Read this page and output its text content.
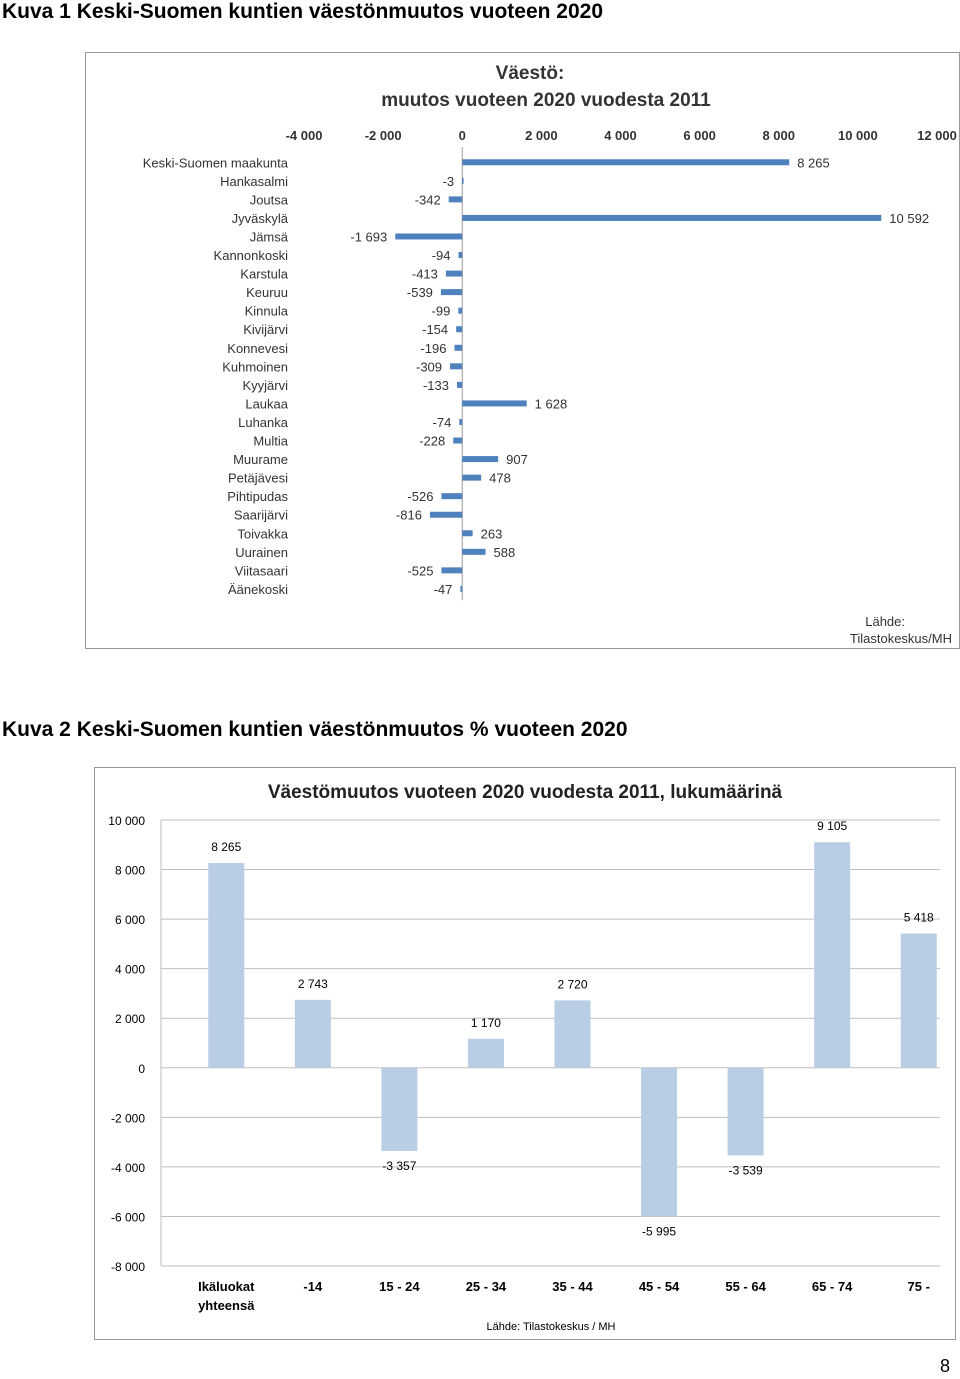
Kuva 1 Keski-Suomen kuntien väestönmuutos vuoteen 2020
Väestö:
muutos vuoteen 2020 vuodesta 2011
-4 000	-2 000	0	2 000	4 000	6 000	8 000	10 000	12 000
Keski-Suomen maakunta	8 265
Hankasalmi	-3
Joutsa	-342
Jyväskylä	10 592
Jämsä	-1 693
Kannonkoski	-94
Karstula	-413
Keuruu	-539
Kinnula	-99
Kivijärvi	-154
Konnevesi	-196
Kuhmoinen	-309
Kyyjärvi	-133
Laukaa	1 628
Luhanka	-74
Multia	-228
Muurame	907
Petäjävesi	478
Pihtipudas	-526
Saarijärvi	-816
Toivakka	263
Uurainen	588
Viitasaari	-525
Äänekoski	-47
Lähde:
Tilastokeskus/MH
Kuva 2 Keski-Suomen kuntien väestönmuutos % vuoteen 2020
Väestömuutos vuoteen 2020 vuodesta 2011, lukumäärinä
-8 000
-6 000
-4 000
-2 000
0
2 000
4 000
6 000
8 000
10 000
8 265
Ikäluokat
yhteensä
2 743
-14
-3 357
15 - 24
1 170
25 - 34
2 720
35 - 44
-5 995
45 - 54
-3 539
55 - 64
9 105
65 - 74
5 418
75 -
Lähde: Tilastokeskus / MH
8
